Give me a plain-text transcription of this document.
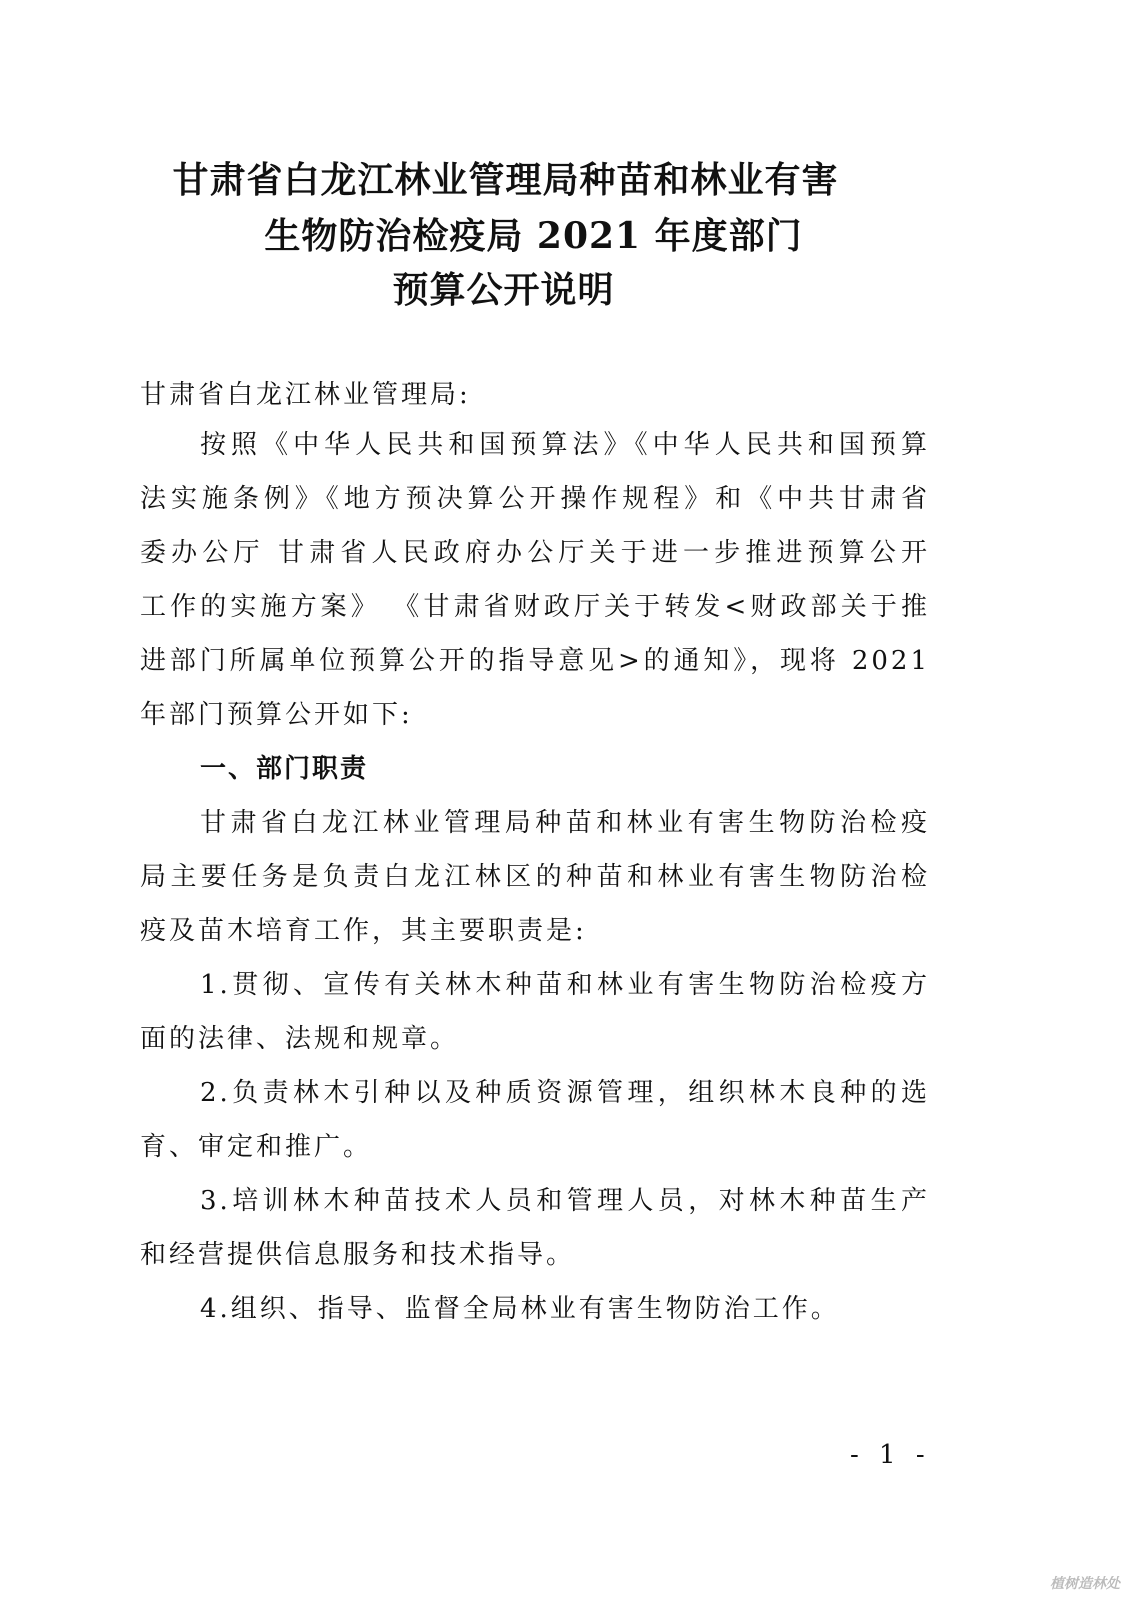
甘肃省白龙江林业管理局种苗和林业有害
生物防治检疫局 2021 年度部门
预算公开说明
甘肃省白龙江林业管理局:
按照《中华人民共和国预算法》《中华人民共和国预算
法实施条例》《地方预决算公开操作规程》和《中共甘肃省
委办公厅 甘肃省人民政府办公厅关于进一步推进预算公开
工作的实施方案》 《甘肃省财政厅关于转发<财政部关于推
进部门所属单位预算公开的指导意见>的通知》，现将 2021
年部门预算公开如下:
一、部门职责
甘肃省白龙江林业管理局种苗和林业有害生物防治检疫
局主要任务是负责白龙江林区的种苗和林业有害生物防治检
疫及苗木培育工作，其主要职责是:
1.贯彻、宣传有关林木种苗和林业有害生物防治检疫方
面的法律、法规和规章。
2.负责林木引种以及种质资源管理，组织林木良种的选
育、审定和推广。
3.培训林木种苗技术人员和管理人员，对林木种苗生产
和经营提供信息服务和技术指导。
4.组织、指导、监督全局林业有害生物防治工作。
- 1 -
植树造林处
